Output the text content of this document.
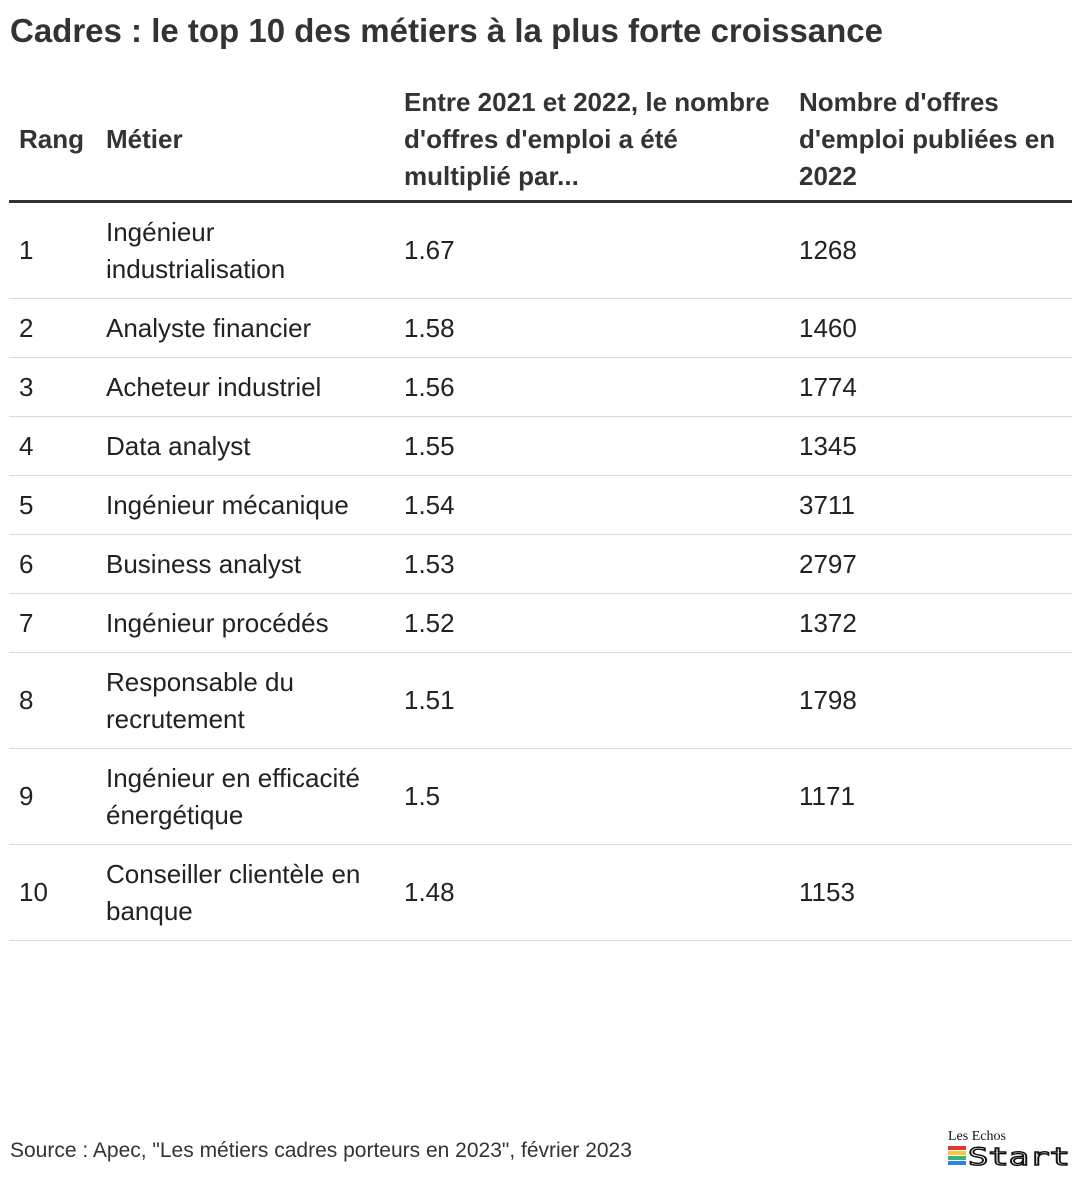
Cadres : le top 10 des métiers à la plus forte croissance
Rang	Métier	Entre 2021 et 2022, le nombre d'offres d'emploi a été multiplié par...	Nombre d'offres d'emploi publiées en 2022
1	Ingénieur industrialisation	1.67	1268
2	Analyste financier	1.58	1460
3	Acheteur industriel	1.56	1774
4	Data analyst	1.55	1345
5	Ingénieur mécanique	1.54	3711
6	Business analyst	1.53	2797
7	Ingénieur procédés	1.52	1372
8	Responsable du recrutement	1.51	1798
9	Ingénieur en efficacité énergétique	1.5	1171
10	Conseiller clientèle en banque	1.48	1153
Source : Apec, "Les métiers cadres porteurs en 2023", février 2023
Les Echos
Start
